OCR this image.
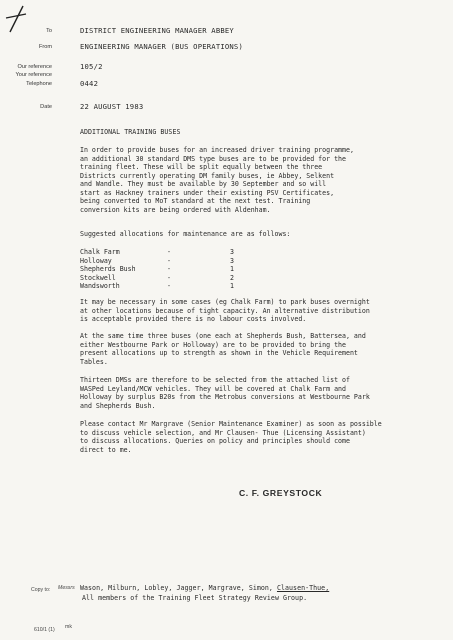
To	DISTRICT ENGINEERING MANAGER ABBEY
From	ENGINEERING MANAGER (BUS OPERATIONS)
Our reference	105/2
Your reference
Telephone	0442
Date	22 AUGUST 1983
ADDITIONAL TRAINING BUSES
In order to provide buses for an increased driver training programme,
an additional 30 standard DMS type buses are to be provided for the
training fleet. These will be split equally between the three
Districts currently operating DM family buses, ie Abbey, Selkent
and Wandle. They must be available by 30 September and so will
start as Hackney trainers under their existing PSV Certificates,
being converted to MoT standard at the next test. Training
conversion kits are being ordered with Aldenham.
Suggested allocations for maintenance are as follows:
Chalk Farm	-	3
Holloway	-	3
Shepherds Bush	-	1
Stockwell	-	2
Wandsworth	-	1
It may be necessary in some cases (eg Chalk Farm) to park buses overnight
at other locations because of tight capacity. An alternative distribution
is acceptable provided there is no labour costs involved.
At the same time three buses (one each at Shepherds Bush, Battersea, and
either Westbourne Park or Holloway) are to be provided to bring the
present allocations up to strength as shown in the Vehicle Requirement
Tables.
Thirteen DMSs are therefore to be selected from the attached list of
WASPed Leyland/MCW vehicles. They will be covered at Chalk Farm and
Holloway by surplus B20s from the Metrobus conversions at Westbourne Park
and Shepherds Bush.
Please contact Mr Margrave (Senior Maintenance Examiner) as soon as possible
to discuss vehicle selection, and Mr Clausen- Thue (Licensing Assistant)
to discuss allocations. Queries on policy and principles should come
direct to me.
C. F. GREYSTOCK
Copy to: Messrs Wason, Milburn, Lobley, Jagger, Margrave, Simon, Clausen-Thue,
All members of the Training Fleet Strategy Review Group.
610/1 (1) mk
